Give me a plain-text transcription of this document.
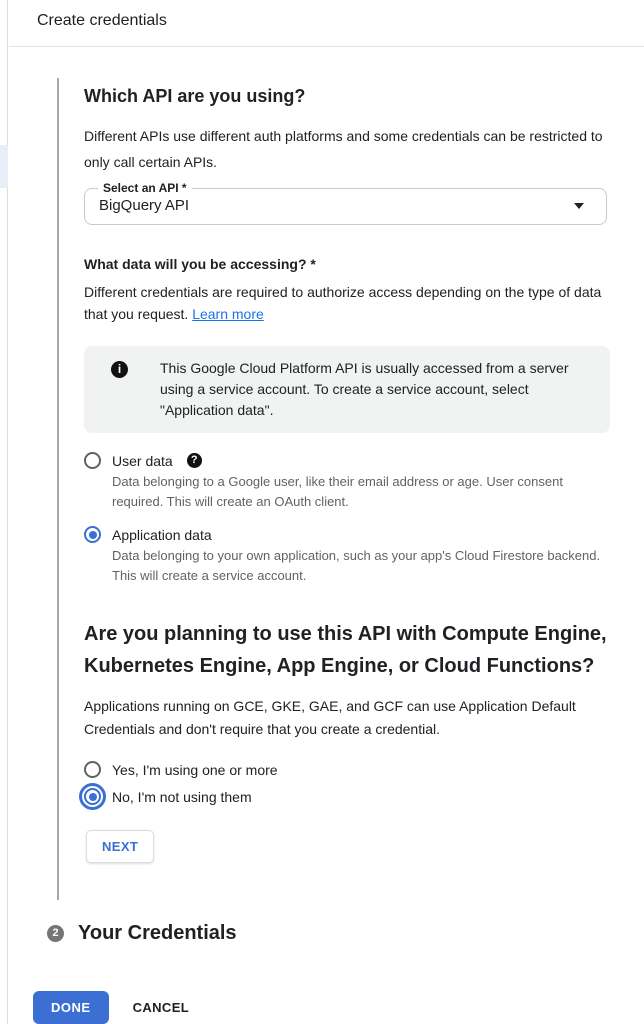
Create credentials
Which API are you using?

Different APIs use different auth platforms and some credentials can be restricted to only call certain APIs.

Select an API *
BigQuery API
What data will you be accessing? *

Different credentials are required to authorize access depending on the type of data that you request. Learn more

i	This Google Cloud Platform API is usually accessed from a server using a service account. To create a service account, select "Application data".
User data	?
Data belonging to a Google user, like their email address or age. User consent required. This will create an OAuth client.
Application data
Data belonging to your own application, such as your app's Cloud Firestore backend. This will create a service account.
Are you planning to use this API with Compute Engine, Kubernetes Engine, App Engine, or Cloud Functions?

Applications running on GCE, GKE, GAE, and GCF can use Application Default Credentials and don't require that you create a credential.

Yes, I'm using one or more
No, I'm not using them
NEXT
2 Your Credentials
DONE	CANCEL
